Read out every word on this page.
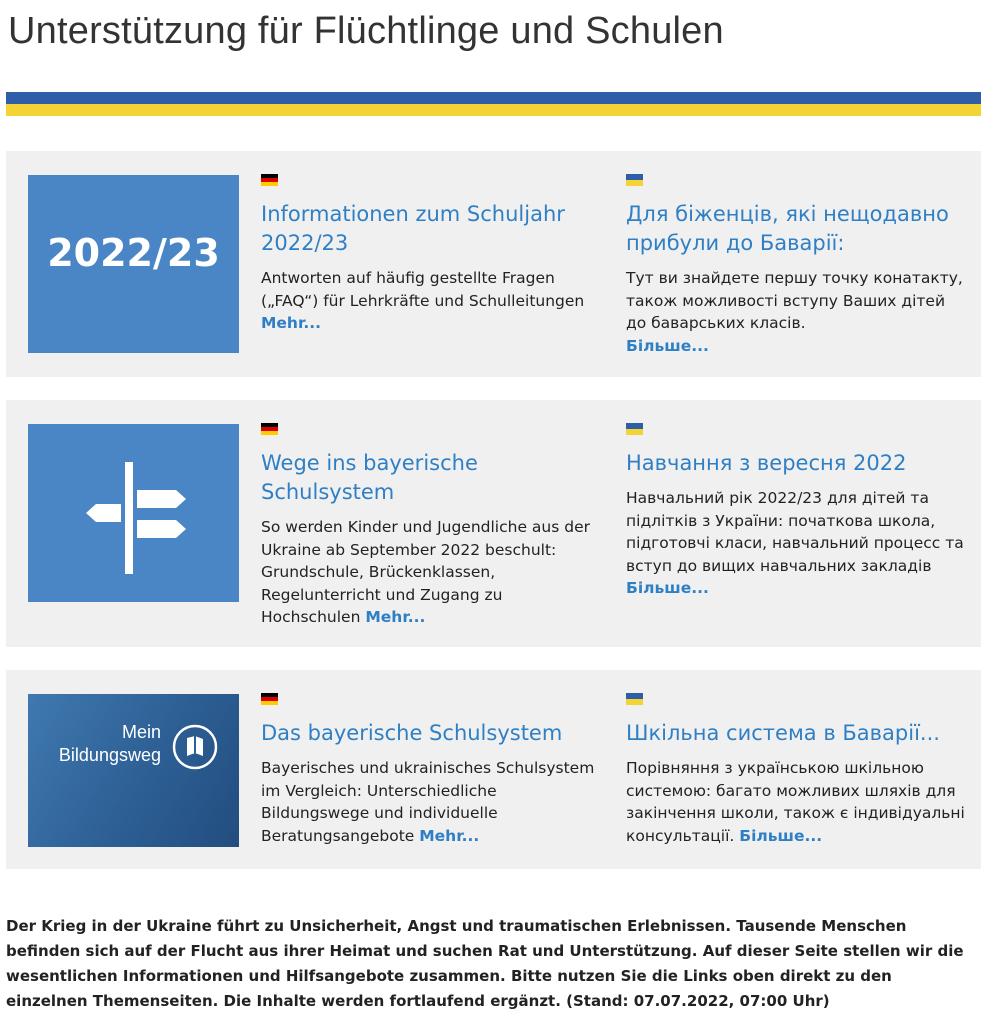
Unterstützung für Flüchtlinge und Schulen
2022/23
Informationen zum Schuljahr 2022/23

Antworten auf häufig gestellte Fragen („FAQ“) für Lehrkräfte und Schulleitungen
Mehr...

Для біженців, які нещодавно прибули до Баварії:

Тут ви знайдете першу точку конатакту, також можливості вступу Ваших дітей до баварських класів.
Більше...

Wege ins bayerische Schulsystem

So werden Kinder und Jugendliche aus der Ukraine ab September 2022 beschult: Grundschule, Brückenklassen, Regelunterricht und Zugang zu Hochschulen Mehr...

Навчання з вересня 2022

Навчальний рік 2022/23 для дітей та підлітків з України: початкова школа, підготовчі класи, навчальний процесс та вступ до вищих навчальних закладів Більше...

Mein
Bildungsweg
Das bayerische Schulsystem

Bayerisches und ukrainisches Schulsystem im Vergleich: Unterschiedliche Bildungswege und individuelle Beratungsangebote Mehr...

Шкільна система в Баварії...

Порівняння з українською шкільною системою: багато можливих шляхів для закінчення школи, також є індивідуальні консультації. Більше...

Der Krieg in der Ukraine führt zu Unsicherheit, Angst und traumatischen Erlebnissen. Tausende Menschen befinden sich auf der Flucht aus ihrer Heimat und suchen Rat und Unterstützung. Auf dieser Seite stellen wir die wesentlichen Informationen und Hilfsangebote zusammen. Bitte nutzen Sie die Links oben direkt zu den einzelnen Themenseiten. Die Inhalte werden fortlaufend ergänzt. (Stand: 07.07.2022, 07:00 Uhr)
